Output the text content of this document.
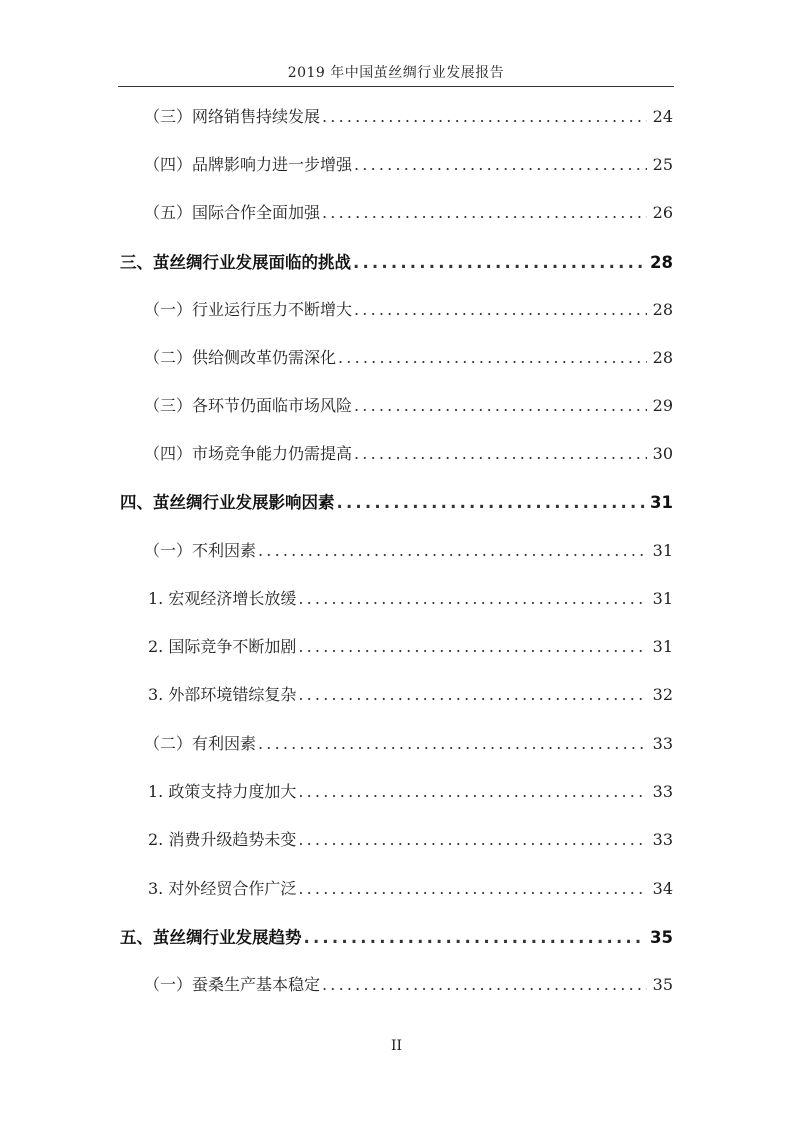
2019 年中国茧丝绸行业发展报告
（三）网络销售持续发展 .....	24
（四）品牌影响力进一步增强 .....	25
（五）国际合作全面加强 .....	26
三、茧丝绸行业发展面临的挑战 .....	28
（一）行业运行压力不断增大 .....	28
（二）供给侧改革仍需深化 .....	28
（三）各环节仍面临市场风险 .....	29
（四）市场竞争能力仍需提高 .....	30
四、茧丝绸行业发展影响因素 .....	31
（一）不利因素 .....	31
1. 宏观经济增长放缓 .....	31
2. 国际竞争不断加剧 .....	31
3. 外部环境错综复杂 .....	32
（二）有利因素 .....	33
1. 政策支持力度加大 .....	33
2. 消费升级趋势未变 .....	33
3. 对外经贸合作广泛 .....	34
五、茧丝绸行业发展趋势 .....	35
（一）蚕桑生产基本稳定 .....	35
II
